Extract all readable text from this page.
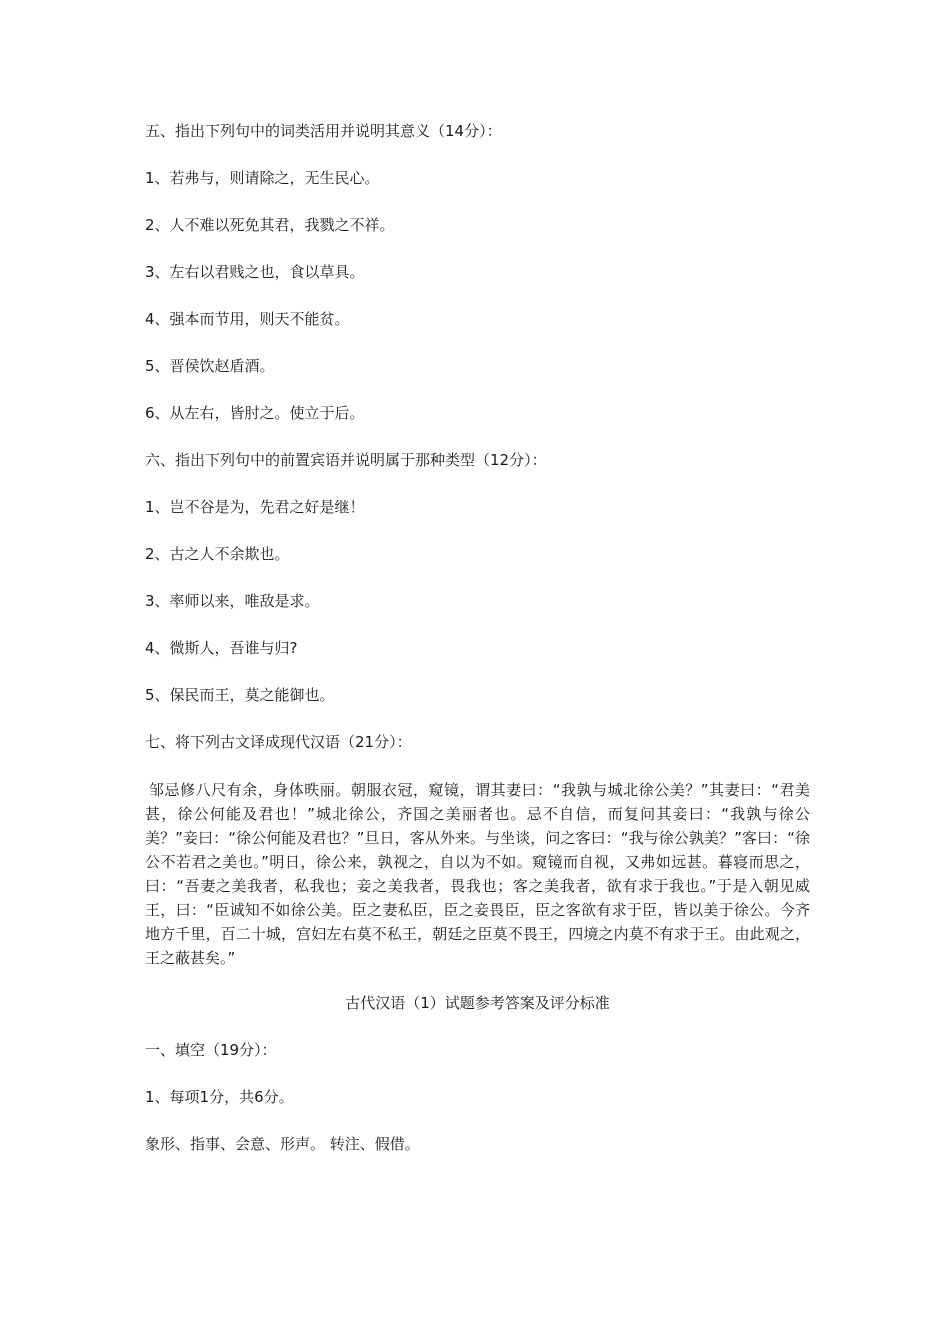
五、指出下列句中的词类活用并说明其意义（14分）：
1、若弗与，则请除之，无生民心。
2、人不难以死免其君，我戮之不祥。
3、左右以君贱之也，食以草具。
4、强本而节用，则天不能贫。
5、晋侯饮赵盾酒。
6、从左右，皆肘之。使立于后。
六、指出下列句中的前置宾语并说明属于那种类型（12分）：
1、岂不谷是为，先君之好是继！
2、古之人不余欺也。
3、率师以来，唯敌是求。
4、微斯人，吾谁与归?
5、保民而王，莫之能御也。
七、将下列古文译成现代汉语（21分）：
邹忌修八尺有余，身体昳丽。朝服衣冠，窥镜，谓其妻曰：“我孰与城北徐公美？”其妻曰：“君美甚，徐公何能及君也！”城北徐公，齐国之美丽者也。忌不自信，而复问其妾曰：“我孰与徐公美？”妾曰：“徐公何能及君也？”旦日，客从外来。与坐谈，问之客曰：“我与徐公孰美？”客曰：“徐公不若君之美也。”明日，徐公来，孰视之，自以为不如。窥镜而自视，又弗如远甚。暮寝而思之，曰：“吾妻之美我者，私我也；妾之美我者，畏我也；客之美我者，欲有求于我也。”于是入朝见威王，曰：“臣诚知不如徐公美。臣之妻私臣，臣之妾畏臣，臣之客欲有求于臣，皆以美于徐公。今齐地方千里，百二十城，宫妇左右莫不私王，朝廷之臣莫不畏王，四境之内莫不有求于王。由此观之，王之蔽甚矣。”
古代汉语（1）试题参考答案及评分标准
一、填空（19分）：
1、每项1分，共6分。
象形、指事、会意、形声。 转注、假借。
